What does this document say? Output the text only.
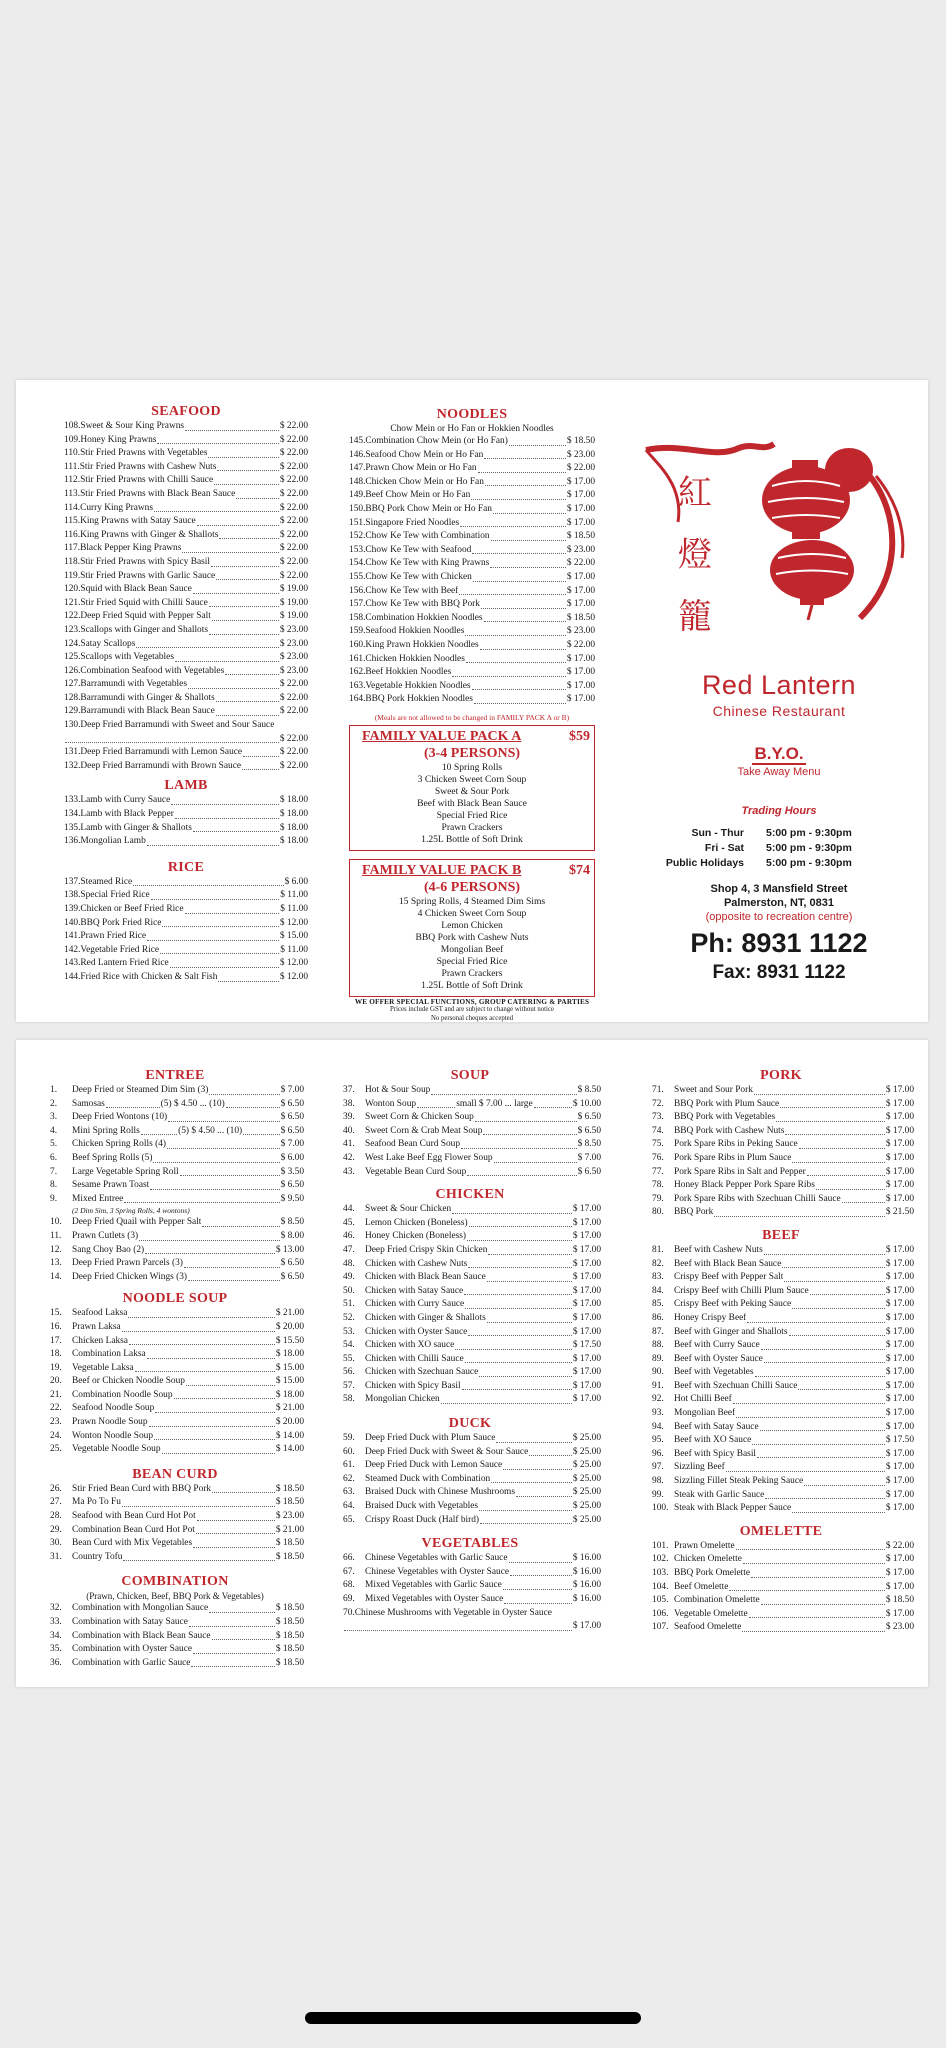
SEAFOOD
108. Sweet & Sour King Prawns	$ 22.00
109. Honey King Prawns	$ 22.00
110. Stir Fried Prawns with Vegetables	$ 22.00
111. Stir Fried Prawns with Cashew Nuts	$ 22.00
112. Stir Fried Prawns with Chilli Sauce	$ 22.00
113. Stir Fried Prawns with Black Bean Sauce	$ 22.00
114. Curry King Prawns	$ 22.00
115. King Prawns with Satay Sauce	$ 22.00
116. King Prawns with Ginger & Shallots	$ 22.00
117. Black Pepper King Prawns	$ 22.00
118. Stir Fried Prawns with Spicy Basil	$ 22.00
119. Stir Fried Prawns with Garlic Sauce	$ 22.00
120. Squid with Black Bean Sauce	$ 19.00
121. Stir Fried Squid with Chilli Sauce	$ 19.00
122. Deep Fried Squid with Pepper Salt	$ 19.00
123. Scallops with Ginger and Shallots	$ 23.00
124. Satay Scallops	$ 23.00
125. Scallops with Vegetables	$ 23.00
126. Combination Seafood with Vegetables	$ 23.00
127. Barramundi with Vegetables	$ 22.00
128. Barramundi with Ginger & Shallots	$ 22.00
129. Barramundi with Black Bean Sauce	$ 22.00
130.Deep Fried Barramundi with Sweet and Sour Sauce
$ 22.00
131. Deep Fried Barramundi with Lemon Sauce	$ 22.00
132. Deep Fried Barramundi with Brown Sauce	$ 22.00
LAMB
133. Lamb with Curry Sauce	$ 18.00
134. Lamb with Black Pepper	$ 18.00
135. Lamb with Ginger & Shallots	$ 18.00
136. Mongolian Lamb	$ 18.00
RICE
137. Steamed Rice	$ 6.00
138. Special Fried Rice	$ 11.00
139. Chicken or Beef Fried Rice	$ 11.00
140. BBQ Pork Fried Rice	$ 12.00
141. Prawn Fried Rice	$ 15.00
142. Vegetable Fried Rice	$ 11.00
143. Red Lantern Fried Rice	$ 12.00
144. Fried Rice with Chicken & Salt Fish	$ 12.00
NOODLES
Chow Mein or Ho Fan or Hokkien Noodles
145. Combination Chow Mein (or Ho Fan)	$ 18.50
146. Seafood Chow Mein or Ho Fan	$ 23.00
147. Prawn Chow Mein or Ho Fan	$ 22.00
148. Chicken Chow Mein or Ho Fan	$ 17.00
149. Beef Chow Mein or Ho Fan	$ 17.00
150. BBQ Pork Chow Mein or Ho Fan	$ 17.00
151. Singapore Fried Noodles	$ 17.00
152. Chow Ke Tew with Combination	$ 18.50
153. Chow Ke Tew with Seafood	$ 23.00
154. Chow Ke Tew with King Prawns	$ 22.00
155. Chow Ke Tew with Chicken	$ 17.00
156. Chow Ke Tew with Beef	$ 17.00
157. Chow Ke Tew with BBQ Pork	$ 17.00
158. Combination Hokkien Noodles	$ 18.50
159. Seafood Hokkien Noodles	$ 23.00
160. King Prawn Hokkien Noodles	$ 22.00
161. Chicken Hokkien Noodles	$ 17.00
162. Beef Hokkien Noodles	$ 17.00
163. Vegetable Hokkien Noodles	$ 17.00
164. BBQ Pork Hokkien Noodles	$ 17.00
(Meals are not allowed to be changed in FAMILY PACK A or B)
FAMILY VALUE PACK A	$59
(3-4 PERSONS)
10 Spring Rolls
3 Chicken Sweet Corn Soup
Sweet & Sour Pork
Beef with Black Bean Sauce
Special Fried Rice
Prawn Crackers
1.25L Bottle of Soft Drink
FAMILY VALUE PACK B	$74
(4-6 PERSONS)
15 Spring Rolls, 4 Steamed Dim Sims
4 Chicken Sweet Corn Soup
Lemon Chicken
BBQ Pork with Cashew Nuts
Mongolian Beef
Special Fried Rice
Prawn Crackers
1.25L Bottle of Soft Drink
WE OFFER SPECIAL FUNCTIONS, GROUP CATERING & PARTIES
Prices include GST and are subject to change without notice
No personal cheques accepted
紅
燈
籠
Red Lantern
Chinese Restaurant
B.Y.O.
Take Away Menu
Trading Hours
Sun - Thur	5:00 pm - 9:30pm
Fri - Sat	5:00 pm - 9:30pm
Public Holidays	5:00 pm - 9:30pm
Shop 4, 3 Mansfield Street
Palmerston, NT, 0831
(opposite to recreation centre)
Ph: 8931 1122
Fax: 8931 1122
ENTREE
1.	Deep Fried or Steamed Dim Sim (3)	$ 7.00
2.	Samosas	(5) $ 4.50 ... (10)	$ 6.50
3.	Deep Fried Wontons (10)	$ 6.50
4.	Mini Spring Rolls	(5) $ 4.50 ... (10)	$ 6.50
5.	Chicken Spring Rolls (4)	$ 7.00
6.	Beef Spring Rolls (5)	$ 6.00
7.	Large Vegetable Spring Roll	$ 3.50
8.	Sesame Prawn Toast	$ 6.50
9.	Mixed Entree	$ 9.50
(2 Dim Sim, 3 Spring Rolls, 4 wontons)
10.	Deep Fried Quail with Pepper Salt	$ 8.50
11.	Prawn Cutlets (3)	$ 8.00
12.	Sang Choy Bao (2)	$ 13.00
13.	Deep Fried Prawn Parcels (3)	$ 6.50
14.	Deep Fried Chicken Wings (3)	$ 6.50
NOODLE SOUP
15.	Seafood Laksa	$ 21.00
16.	Prawn Laksa	$ 20.00
17.	Chicken Laksa	$ 15.50
18.	Combination Laksa	$ 18.00
19.	Vegetable Laksa	$ 15.00
20.	Beef or Chicken Noodle Soup	$ 15.00
21.	Combination Noodle Soup	$ 18.00
22.	Seafood Noodle Soup	$ 21.00
23.	Prawn Noodle Soup	$ 20.00
24.	Wonton Noodle Soup	$ 14.00
25.	Vegetable Noodle Soup	$ 14.00
BEAN CURD
26.	Stir Fried Bean Curd with BBQ Pork	$ 18.50
27.	Ma Po To Fu	$ 18.50
28.	Seafood with Bean Curd Hot Pot	$ 23.00
29.	Combination Bean Curd Hot Pot	$ 21.00
30.	Bean Curd with Mix Vegetables	$ 18.50
31.	Country Tofu	$ 18.50
COMBINATION
(Prawn, Chicken, Beef, BBQ Pork & Vegetables)
32.	Combination with Mongolian Sauce	$ 18.50
33.	Combination with Satay Sauce	$ 18.50
34.	Combination with Black Bean Sauce	$ 18.50
35.	Combination with Oyster Sauce	$ 18.50
36.	Combination with Garlic Sauce	$ 18.50
SOUP
37.	Hot & Sour Soup	$ 8.50
38.	Wonton Soup	small $ 7.00 ... large	$ 10.00
39.	Sweet Corn & Chicken Soup	$ 6.50
40.	Sweet Corn & Crab Meat Soup	$ 6.50
41.	Seafood Bean Curd Soup	$ 8.50
42.	West Lake Beef Egg Flower Soup	$ 7.00
43.	Vegetable Bean Curd Soup	$ 6.50
CHICKEN
44.	Sweet & Sour Chicken	$ 17.00
45.	Lemon Chicken (Boneless)	$ 17.00
46.	Honey Chicken (Boneless)	$ 17.00
47.	Deep Fried Crispy Skin Chicken	$ 17.00
48.	Chicken with Cashew Nuts	$ 17.00
49.	Chicken with Black Bean Sauce	$ 17.00
50.	Chicken with Satay Sauce	$ 17.00
51.	Chicken with Curry Sauce	$ 17.00
52.	Chicken with Ginger & Shallots	$ 17.00
53.	Chicken with Oyster Sauce	$ 17.00
54.	Chicken with XO sauce	$ 17.50
55.	Chicken with Chilli Sauce	$ 17.00
56.	Chicken with Szechuan Sauce	$ 17.00
57.	Chicken with Spicy Basil	$ 17.00
58.	Mongolian Chicken	$ 17.00
DUCK
59.	Deep Fried Duck with Plum Sauce	$ 25.00
60.	Deep Fried Duck with Sweet & Sour Sauce	$ 25.00
61.	Deep Fried Duck with Lemon Sauce	$ 25.00
62.	Steamed Duck with Combination	$ 25.00
63.	Braised Duck with Chinese Mushrooms	$ 25.00
64.	Braised Duck with Vegetables	$ 25.00
65.	Crispy Roast Duck (Half bird)	$ 25.00
VEGETABLES
66.	Chinese Vegetables with Garlic Sauce	$ 16.00
67.	Chinese Vegetables with Oyster Sauce	$ 16.00
68.	Mixed Vegetables with Garlic Sauce	$ 16.00
69.	Mixed Vegetables with Oyster Sauce	$ 16.00
70.Chinese Mushrooms with Vegetable in Oyster Sauce
$ 17.00
PORK
71.	Sweet and Sour Pork	$ 17.00
72.	BBQ Pork with Plum Sauce	$ 17.00
73.	BBQ Pork with Vegetables	$ 17.00
74.	BBQ Pork with Cashew Nuts	$ 17.00
75.	Pork Spare Ribs in Peking Sauce	$ 17.00
76.	Pork Spare Ribs in Plum Sauce	$ 17.00
77.	Pork Spare Ribs in Salt and Pepper	$ 17.00
78.	Honey Black Pepper Pork Spare Ribs	$ 17.00
79.	Pork Spare Ribs with Szechuan Chilli Sauce	$ 17.00
80.	BBQ Pork	$ 21.50
BEEF
81.	Beef with Cashew Nuts	$ 17.00
82.	Beef with Black Bean Sauce	$ 17.00
83.	Crispy Beef with Pepper Salt	$ 17.00
84.	Crispy Beef with Chilli Plum Sauce	$ 17.00
85.	Crispy Beef with Peking Sauce	$ 17.00
86.	Honey Crispy Beef	$ 17.00
87.	Beef with Ginger and Shallots	$ 17.00
88.	Beef with Curry Sauce	$ 17.00
89.	Beef with Oyster Sauce	$ 17.00
90.	Beef with Vegetables	$ 17.00
91.	Beef with Szechuan Chilli Sauce	$ 17.00
92.	Hot Chilli Beef	$ 17.00
93.	Mongolian Beef	$ 17.00
94.	Beef with Satay Sauce	$ 17.00
95.	Beef with XO Sauce	$ 17.50
96.	Beef with Spicy Basil	$ 17.00
97.	Sizzling Beef	$ 17.00
98.	Sizzling Fillet Steak Peking Sauce	$ 17.00
99.	Steak with Garlic Sauce	$ 17.00
100. Steak with Black Pepper Sauce	$ 17.00
OMELETTE
101. Prawn Omelette	$ 22.00
102. Chicken Omelette	$ 17.00
103. BBQ Pork Omelette	$ 17.00
104. Beef Omelette	$ 17.00
105. Combination Omelette	$ 18.50
106. Vegetable Omelette	$ 17.00
107. Seafood Omelette	$ 23.00
